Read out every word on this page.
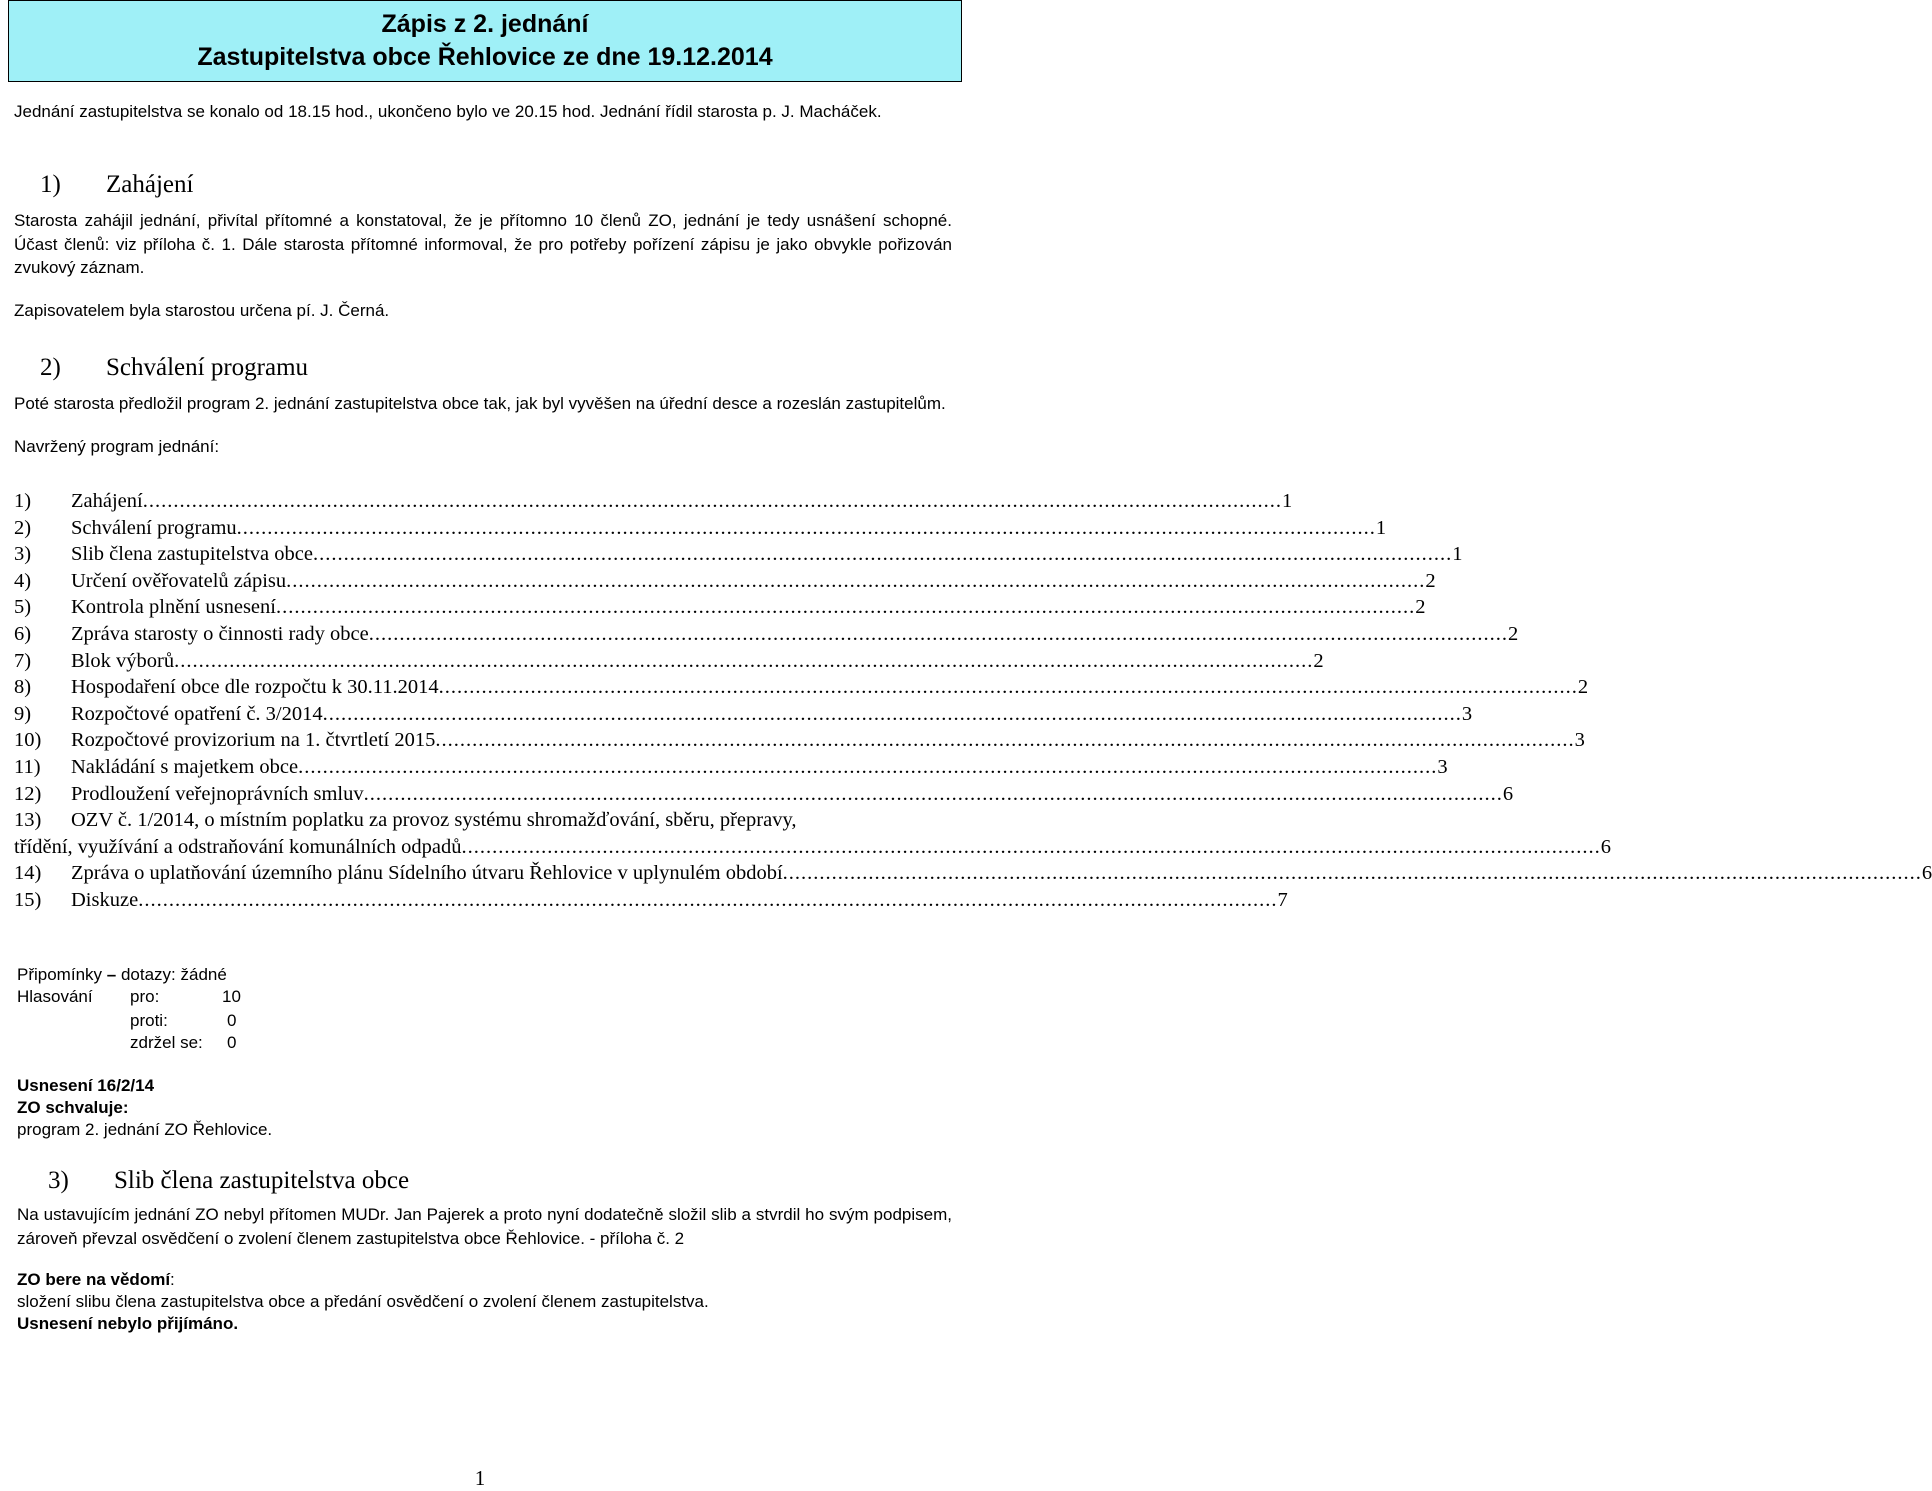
Zápis z 2. jednání
Zastupitelstva obce Řehlovice ze dne 19.12.2014

Jednání zastupitelstva se konalo od 18.15 hod., ukončeno bylo ve 20.15 hod. Jednání řídil starosta p. J. Macháček.

1) Zahájení

Starosta zahájil jednání, přivítal přítomné a konstatoval, že je přítomno 10 členů ZO, jednání je tedy usnášení schopné. Účast členů: viz příloha č. 1. Dále starosta přítomné informoval, že pro potřeby pořízení zápisu je jako obvykle pořizován zvukový záznam.

Zapisovatelem byla starostou určena pí. J. Černá.

2) Schválení programu

Poté starosta předložil program 2. jednání zastupitelstva obce tak, jak byl vyvěšen na úřední desce a rozeslán zastupitelům.

Navržený program jednání:

1)	Zahájení .......................................................................................................................................................................................... 1
2)	Schválení programu .......................................................................................................................................................................................... 1
3)	Slib člena zastupitelstva obce .......................................................................................................................................................................................... 1
4)	Určení ověřovatelů zápisu .......................................................................................................................................................................................... 2
5)	Kontrola plnění usnesení .......................................................................................................................................................................................... 2
6)	Zpráva starosty o činnosti rady obce .......................................................................................................................................................................................... 2
7)	Blok výborů .......................................................................................................................................................................................... 2
8)	Hospodaření obce dle rozpočtu k 30.11.2014 .......................................................................................................................................................................................... 2
9)	Rozpočtové opatření č. 3/2014 .......................................................................................................................................................................................... 3
10)	Rozpočtové provizorium na 1. čtvrtletí 2015 .......................................................................................................................................................................................... 3
11)	Nakládání s majetkem obce .......................................................................................................................................................................................... 3
12)	Prodloužení veřejnoprávních smluv .......................................................................................................................................................................................... 6
13) OZV č. 1/2014, o místním poplatku za provoz systému shromažďování, sběru, přepravy,
třídění, využívání a odstraňování komunálních odpadů .......................................................................................................................................................................................... 6
14)	Zpráva o uplatňování územního plánu Sídelního útvaru Řehlovice v uplynulém období .......................................................................................................................................................................................... 6
15)	Diskuze .......................................................................................................................................................................................... 7
Připomínky – dotazy: žádné
Hlasování pro:	10
proti:	0
zdržel se: 0
Usnesení 16/2/14
ZO schvaluje:
program 2. jednání ZO Řehlovice.
3) Slib člena zastupitelstva obce

Na ustavujícím jednání ZO nebyl přítomen MUDr. Jan Pajerek a proto nyní dodatečně složil slib a stvrdil ho svým podpisem, zároveň převzal osvědčení o zvolení členem zastupitelstva obce Řehlovice. - příloha č. 2

ZO bere na vědomí:
složení slibu člena zastupitelstva obce a předání osvědčení o zvolení členem zastupitelstva.
Usnesení nebylo přijímáno.
1
